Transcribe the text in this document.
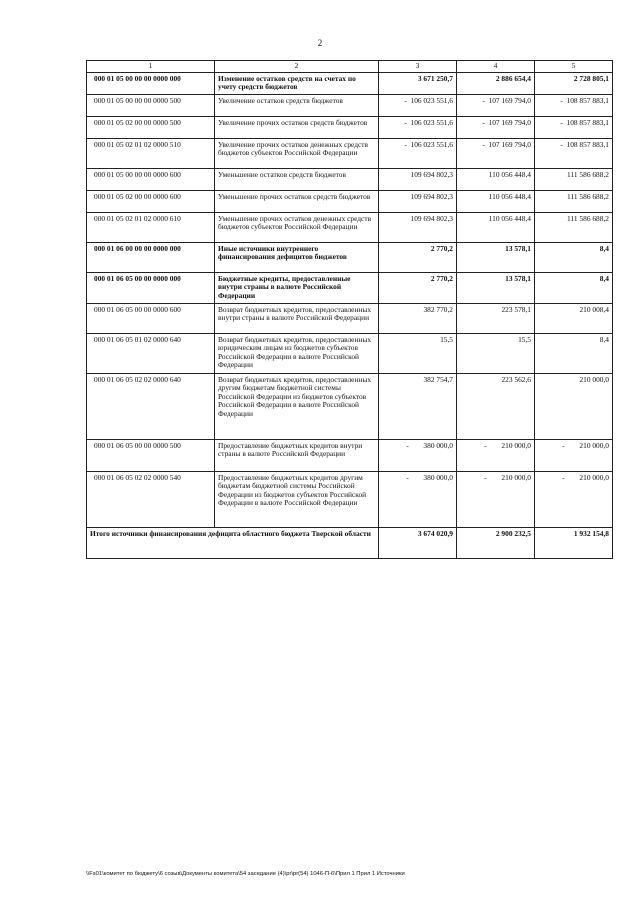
2
1	2	3	4	5
000 01 05 00 00 00 0000 000	Изменение остатков средств на счетах по учету средств бюджетов	3 671 250,7	2 886 654,4	2 728 805,1
000 01 05 00 00 00 0000 500	Увеличение остатков средств бюджетов	-  106 023 551,6	-  107 169 794,0	-  108 857 883,1
000 01 05 02 00 00 0000 500	Увеличение прочих остатков средств бюджетов	-  106 023 551,6	-  107 169 794,0	-  108 857 883,1
000 01 05 02 01 02 0000 510	Увеличение прочих остатков денежных средств бюджетов субъектов Российской Федерации	-  106 023 551,6	-  107 169 794,0	-  108 857 883,1
000 01 05 00 00 00 0000 600	Уменьшение остатков средств бюджетов	109 694 802,3	110 056 448,4	111 586 688,2
000 01 05 02 00 00 0000 600	Уменьшение прочих остатков средств бюджетов	109 694 802,3	110 056 448,4	111 586 688,2
000 01 05 02 01 02 0000 610	Уменьшение прочих остатков денежных средств бюджетов субъектов Российской Федерации	109 694 802,3	110 056 448,4	111 586 688,2
000 01 06 00 00 00 0000 000	Иные источники внутреннего финансирования дефицитов бюджетов	2 770,2	13 578,1	8,4
000 01 06 05 00 00 0000 000	Бюджетные кредиты, предоставленные внутри страны в валюте Российской Федерации	2 770,2	13 578,1	8,4
000 01 06 05 00 00 0000 600	Возврат бюджетных кредитов, предоставленных внутри страны в валюте Российской Федерации	382 770,2	223 578,1	210 008,4
000 01 06 05 01 02 0000 640	Возврат бюджетных кредитов, предоставленных юридическим лицам из бюджетов субъектов Российской Федерации в валюте Российской Федерации	15,5	15,5	8,4
000 01 06 05 02 02 0000 640	Возврат бюджетных кредитов, предоставленных другим бюджетам бюджетной системы Российской Федерации из бюджетов субъектов Российской Федерации в валюте Российской Федерации	382 754,7	223 562,6	210 000,0
000 01 06 05 00 00 0000 500	Предоставление бюджетных кредитов внутри страны в валюте Российской Федерации	-        380 000,0	-        210 000,0	-        210 000,0
000 01 06 05 02 02 0000 540	Предоставление бюджетных кредитов другим бюджетам бюджетной системы Российской Федерации из бюджетов субъектов Российской Федерации в валюте Российской Федерации	-        380 000,0	-        210 000,0	-        210 000,0
Итого источники финансирования дефицита областного бюджета Тверской области		3 674 020,9	2 900 232,5	1 932 154,8
\\Fs01\комитет по бюджету\6 созыв\Документы комитета\54 заседание (4)\pr\pr(54) 1046-П-6\Прил 1 Прил 1 Источники
